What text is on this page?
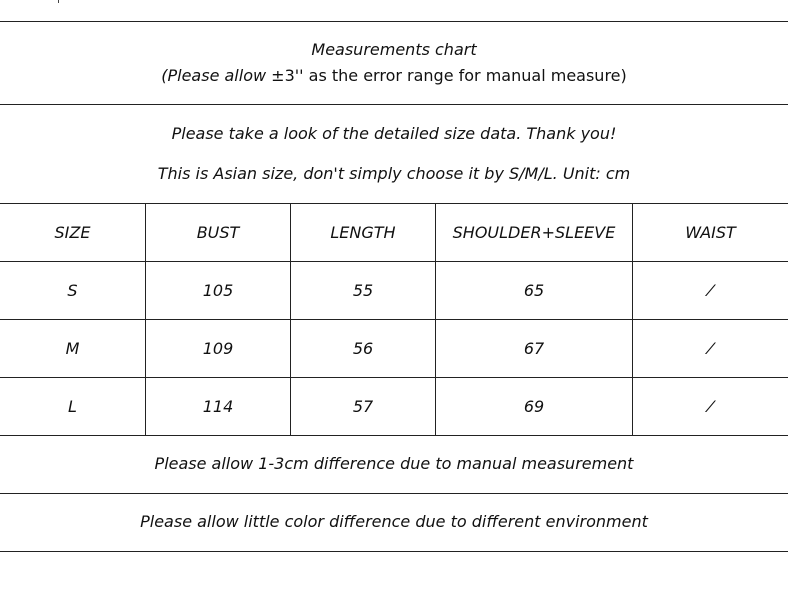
Measurements chart
(Please allow ±3'' as the error range for manual measure)
Please take a look of the detailed size data. Thank you!
This is Asian size, don't simply choose it by S/M/L. Unit: cm
SIZE	BUST	LENGTH	SHOULDER+SLEEVE	WAIST
S	105	55	65	⁄
M	109	56	67	⁄
L	114	57	69	⁄
Please allow 1-3cm difference due to manual measurement
Please allow little color difference due to different environment
